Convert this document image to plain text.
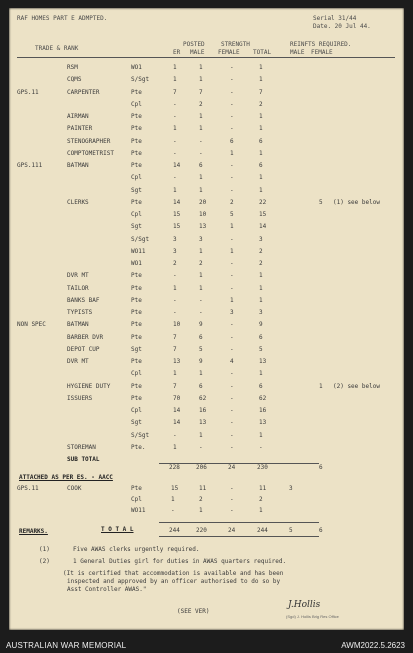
RAF HOMES PART E ADMPTED.	Serial 31/44
Date. 20 Jul 44.
TRADE & RANK
POSTED	STRENGTH	REINFTS REQUIRED.
ER MALE FEMALE TOTAL	MALE FEMALE
RSM	WO1	1	1	-	1
CQMS	S/Sgt	1	1	-	1
GPS.11	CARPENTER	Pte	7	7	-	7
Cpl	-	2	-	2
AIRMAN	Pte	-	1	-	1
PAINTER	Pte	1	1	-	1
STENOGRAPHER	Pte	-	-	6	6
COMPTOMETRIST	Pte	-	-	1	1
GPS.111	BATMAN	Pte	14	6	-	6
Cpl	-	1	-	1
Sgt	1	1	-	1
CLERKS	Pte	14	20	2	22	5 (1) see below
Cpl	15	10	5	15
Sgt	15	13	1	14
S/Sgt	3	3	-	3
WO11	3	1	1	2
WO1	2	2	-	2
DVR MT	Pte	-	1	-	1
TAILOR	Pte	1	1	-	1
BANKS BAF	Pte	-	-	1	1
TYPISTS	Pte	-	-	3	3
NON SPEC	BATMAN	Pte	10	9	-	9
BARBER DVR	Pte	7	6	-	6
DEPOT CUP	Sgt	7	5	-	5
DVR MT	Pte	13	9	4	13
Cpl	1	1	-	1
HYGIENE DUTY	Pte	7	6	-	6	1 (2) see below
ISSUERS	Pte	70	62	-	62
Cpl	14	16	-	16
Sgt	14	13	-	13
S/Sgt	-	1	-	1
STOREMAN	Pte.	1	-	-	-
SUB TOTAL
228	206	24	230	6
ATTACHED AS PER ES. - AACC
GPS.11	COOK	Pte	15	11	-	11	3
Cpl	1	2	-	2
WO11	-	1	-	1
REMARKS.	T O T A L	244	220	24	244	5	6
(1)	Five AWAS clerks urgently required.
(2)	1 General Duties girl for duties in AWAS quarters required.
(It is certified that accommodation is available and has been
inspected and approved by an officer authorised to do so by
Asst Controller AWAS."
(SEE VER)
J.Hollis
(Sgd) J. Hollis Brig Res Office
AUSTRALIAN WAR MEMORIAL	AWM2022.5.2623
